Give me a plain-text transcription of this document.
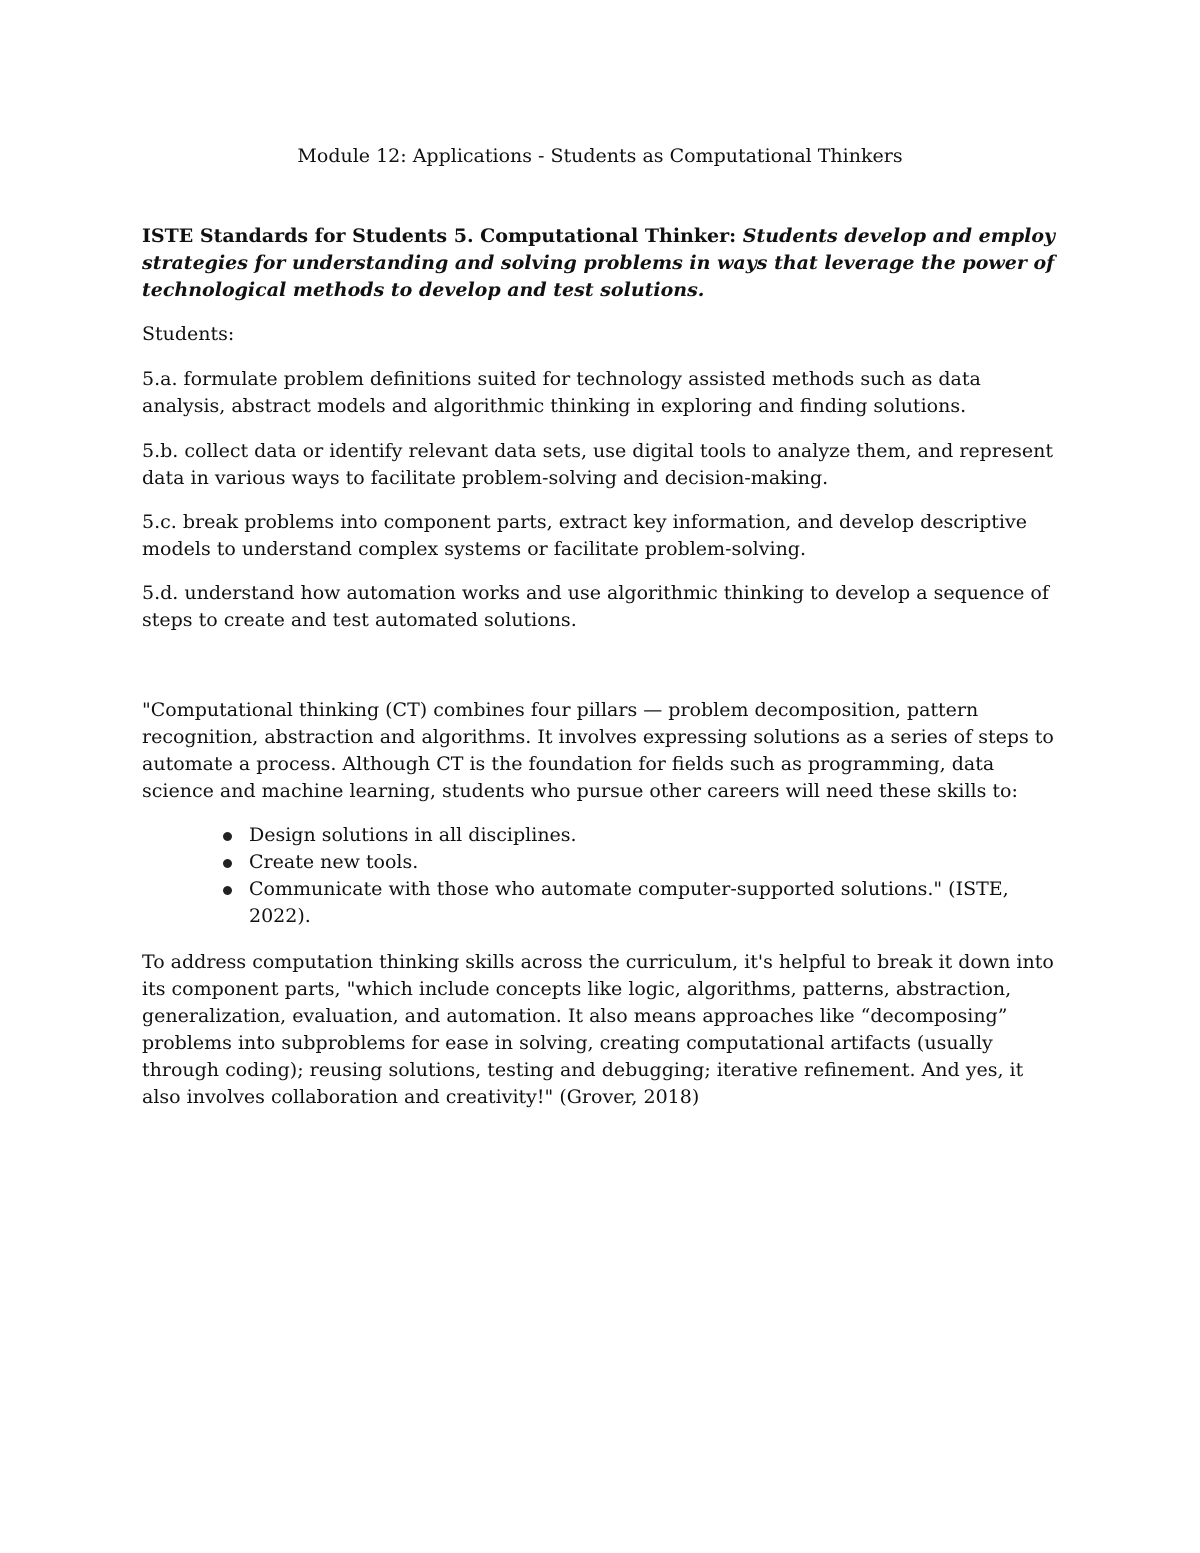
Module 12: Applications - Students as Computational Thinkers

ISTE Standards for Students 5. Computational Thinker: Students develop and employ strategies for understanding and solving problems in ways that leverage the power of technological methods to develop and test solutions.

Students:

5.a. formulate problem definitions suited for technology assisted methods such as data analysis, abstract models and algorithmic thinking in exploring and finding solutions.

5.b. collect data or identify relevant data sets, use digital tools to analyze them, and represent data in various ways to facilitate problem-solving and decision-making.

5.c. break problems into component parts, extract key information, and develop descriptive models to understand complex systems or facilitate problem-solving.

5.d. understand how automation works and use algorithmic thinking to develop a sequence of steps to create and test automated solutions.

"Computational thinking (CT) combines four pillars — problem decomposition, pattern recognition, abstraction and algorithms. It involves expressing solutions as a series of steps to automate a process. Although CT is the foundation for fields such as programming, data science and machine learning, students who pursue other careers will need these skills to:

Design solutions in all disciplines.
Create new tools.
Communicate with those who automate computer-supported solutions." (ISTE, 2022).

To address computation thinking skills across the curriculum, it's helpful to break it down into its component parts, "which include concepts like logic, algorithms, patterns, abstraction, generalization, evaluation, and automation. It also means approaches like “decomposing” problems into subproblems for ease in solving, creating computational artifacts (usually through coding); reusing solutions, testing and debugging; iterative refinement. And yes, it also involves collaboration and creativity!" (Grover, 2018)
